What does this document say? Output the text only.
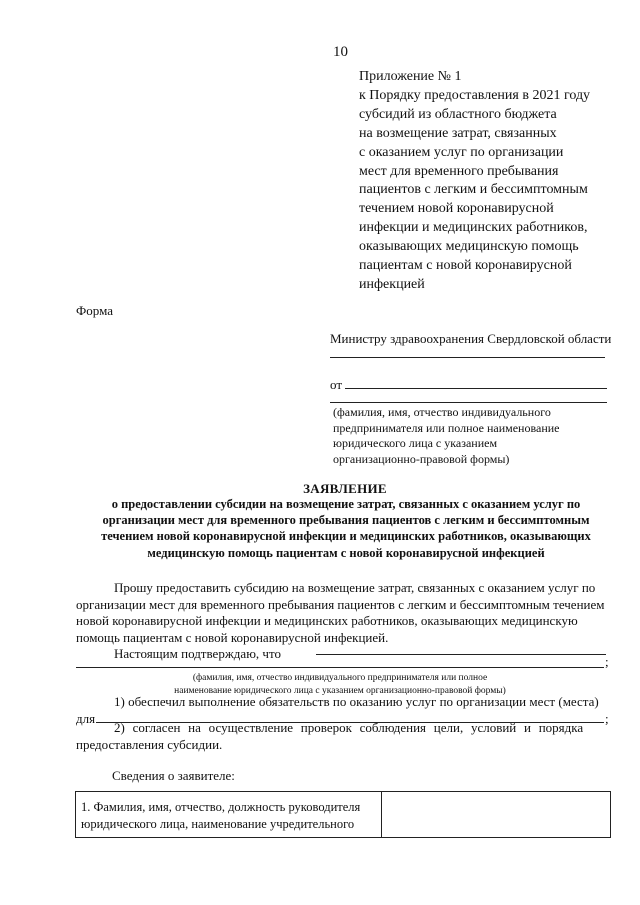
10
Приложение № 1
к Порядку предоставления в 2021 году
субсидий из областного бюджета
на возмещение затрат, связанных
с оказанием услуг по организации
мест для временного пребывания
пациентов с легким и бессимптомным
течением новой коронавирусной
инфекции и медицинских работников,
оказывающих медицинскую помощь
пациентам с новой коронавирусной
инфекцией
Форма
Министру здравоохранения Свердловской области
от
(фамилия, имя, отчество индивидуального
предпринимателя или полное наименование
юридического лица с указанием
организационно-правовой формы)
ЗАЯВЛЕНИЕ
о предоставлении субсидии на возмещение затрат, связанных с оказанием услуг по
организации мест для временного пребывания пациентов с легким и бессимптомным
течением новой коронавирусной инфекции и медицинских работников, оказывающих
медицинскую помощь пациентам с новой коронавирусной инфекцией
Прошу предоставить субсидию на возмещение затрат, связанных с оказанием услуг по
организации мест для временного пребывания пациентов с легким и бессимптомным течением
новой коронавирусной инфекции и медицинских работников, оказывающих медицинскую
помощь пациентам с новой коронавирусной инфекцией.
Настоящим подтверждаю, что
;
(фамилия, имя, отчество индивидуального предпринимателя или полное
наименование юридического лица с указанием организационно-правовой формы)
1) обеспечил выполнение обязательств по оказанию услуг по организации мест (места)
для	;
2) согласен на осуществление проверок соблюдения цели, условий и порядка
предоставления субсидии.
Сведения о заявителе:
1. Фамилия, имя, отчество, должность руководителя
юридического лица, наименование учредительного
